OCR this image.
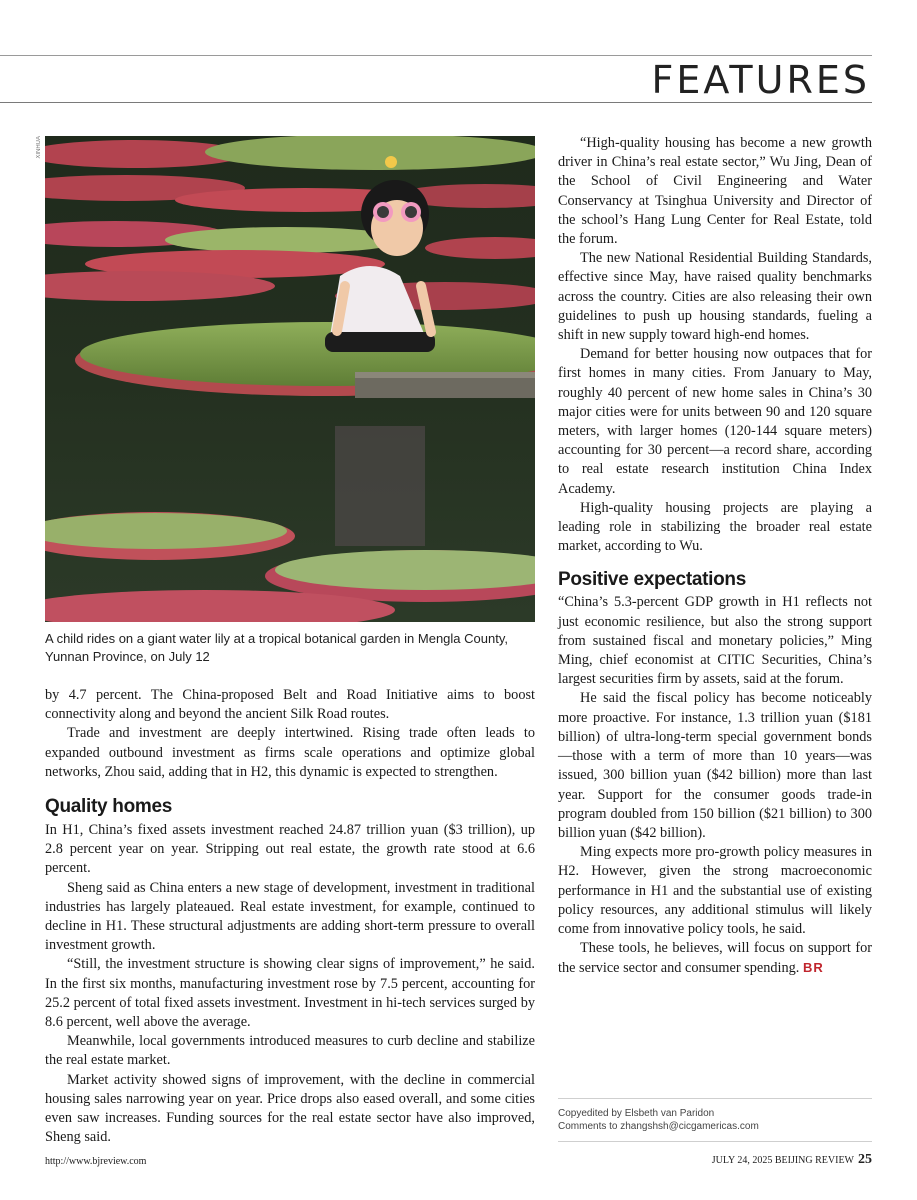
FEATURES
XINHUA
A child rides on a giant water lily at a tropical botanical garden in Mengla County, Yunnan Province, on July 12

by 4.7 percent. The China-proposed Belt and Road Initiative aims to boost connectivity along and beyond the ancient Silk Road routes.

Trade and investment are deeply intertwined. Rising trade often leads to expanded outbound investment as firms scale operations and optimize global networks, Zhou said, adding that in H2, this dynamic is expected to strengthen.

Quality homes

In H1, China’s fixed assets investment reached 24.87 trillion yuan ($3 trillion), up 2.8 percent year on year. Stripping out real estate, the growth rate stood at 6.6 percent.

Sheng said as China enters a new stage of development, investment in traditional industries has largely plateaued. Real estate investment, for example, continued to decline in H1. These structural adjustments are adding short-term pressure to overall investment growth.

“Still, the investment structure is showing clear signs of improvement,” he said. In the first six months, manufacturing investment rose by 7.5 percent, accounting for 25.2 percent of total fixed assets investment. Investment in hi-tech services surged by 8.6 percent, well above the average.

Meanwhile, local governments introduced measures to curb decline and stabilize the real estate market.

Market activity showed signs of improvement, with the decline in commercial housing sales narrowing year on year. Price drops also eased overall, and some cities even saw increases. Funding sources for the real estate sector have also improved, Sheng said.

“High-quality housing has become a new growth driver in China’s real estate sector,” Wu Jing, Dean of the School of Civil Engineering and Water Conservancy at Tsinghua University and Director of the school’s Hang Lung Center for Real Estate, told the forum.

The new National Residential Building Standards, effective since May, have raised quality benchmarks across the country. Cities are also releasing their own guidelines to push up housing standards, fueling a shift in new supply toward high-end homes.

Demand for better housing now outpaces that for first homes in many cities. From January to May, roughly 40 percent of new home sales in China’s 30 major cities were for units between 90 and 120 square meters, with larger homes (120-144 square meters) accounting for 30 percent—a record share, according to real estate research institution China Index Academy.

High-quality housing projects are playing a leading role in stabilizing the broader real estate market, according to Wu.

Positive expectations

“China’s 5.3-percent GDP growth in H1 reflects not just economic resilience, but also the strong support from sustained fiscal and monetary policies,” Ming Ming, chief economist at CITIC Securities, China’s largest securities firm by assets, said at the forum.

He said the fiscal policy has become noticeably more proactive. For instance, 1.3 trillion yuan ($181 billion) of ultra-long-term special government bonds—those with a term of more than 10 years—was issued, 300 billion yuan ($42 billion) more than last year. Support for the consumer goods trade-in program doubled from 150 billion ($21 billion) to 300 billion yuan ($42 billion).

Ming expects more pro-growth policy measures in H2. However, given the strong macroeconomic performance in H1 and the substantial use of existing policy resources, any additional stimulus will likely come from innovative policy tools, he said.

These tools, he believes, will focus on support for the service sector and consumer spending. BR

Copyedited by Elsbeth van Paridon
Comments to zhangshsh@cicgamericas.com
http://www.bjreview.com	JULY 24, 2025 BEIJING REVIEW 25
